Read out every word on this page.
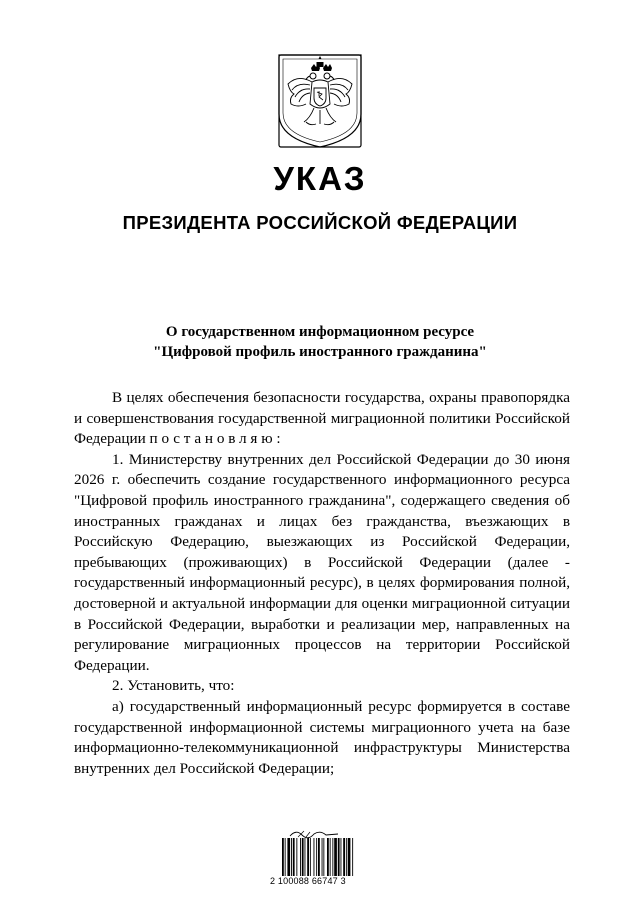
УКАЗ
ПРЕЗИДЕНТА РОССИЙСКОЙ ФЕДЕРАЦИИ
О государственном информационном ресурсе
"Цифровой профиль иностранного гражданина"

В целях обеспечения безопасности государства, охраны правопорядка и совершенствования государственной миграционной политики Российской Федерации постановляю:

1. Министерству внутренних дел Российской Федерации до 30 июня 2026 г. обеспечить создание государственного информационного ресурса "Цифровой профиль иностранного гражданина", содержащего сведения об иностранных гражданах и лицах без гражданства, въезжающих в Российскую Федерацию, выезжающих из Российской Федерации, пребывающих (проживающих) в Российской Федерации (далее - государственный информационный ресурс), в целях формирования полной, достоверной и актуальной информации для оценки миграционной ситуации в Российской Федерации, выработки и реализации мер, направленных на регулирование миграционных процессов на территории Российской Федерации.

2. Установить, что:

а) государственный информационный ресурс формируется в составе государственной информационной системы миграционного учета на базе информационно-телекоммуникационной инфраструктуры Министерства внутренних дел Российской Федерации;

2 100088 66747 3
